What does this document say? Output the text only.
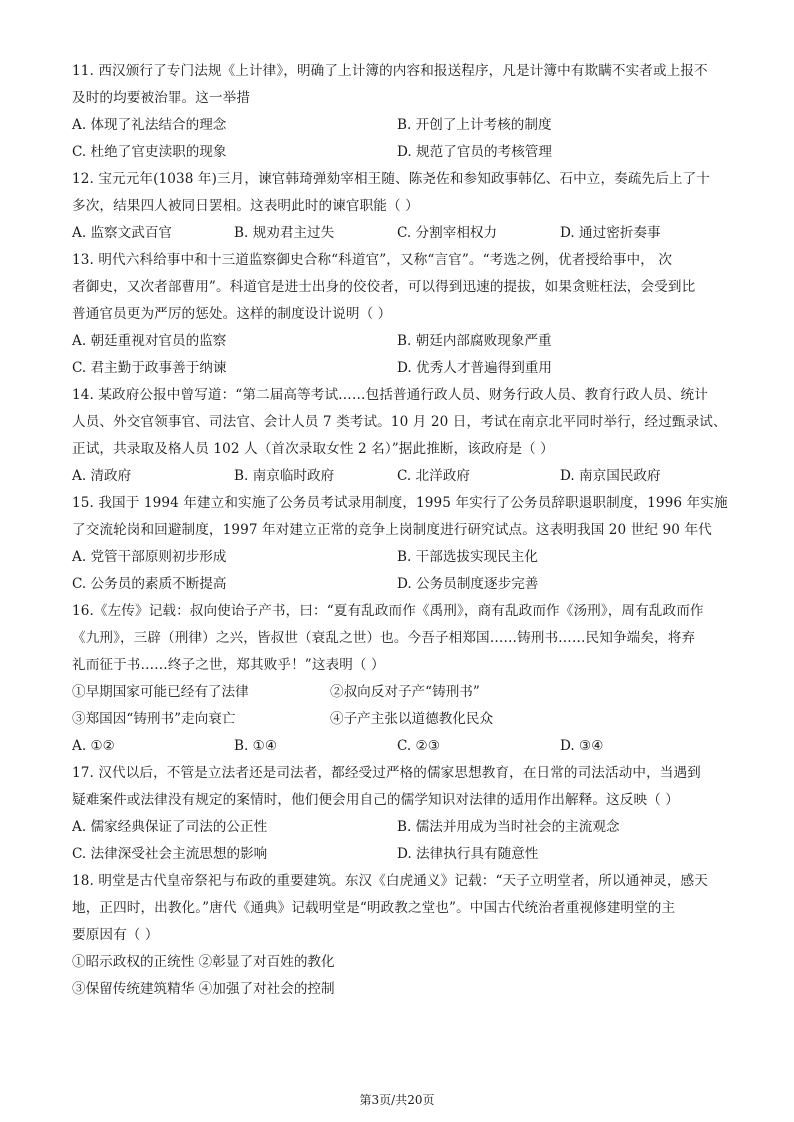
11. 西汉颁行了专门法规《上计律》，明确了上计簿的内容和报送程序，凡是计簿中有欺瞒不实者或上报不
及时的均要被治罪。这一举措
A. 体现了礼法结合的理念	B. 开创了上计考核的制度
C. 杜绝了官吏渎职的现象	D. 规范了官员的考核管理
12. 宝元元年(1038 年)三月，谏官韩琦弹劾宰相王随、陈尧佐和参知政事韩亿、石中立，奏疏先后上了十
多次，结果四人被同日罢相。这表明此时的谏官职能（ ）
A. 监察文武百官	B. 规劝君主过失	C. 分割宰相权力	D. 通过密折奏事
13. 明代六科给事中和十三道监察御史合称“科道官”，又称“言官”。“考选之例，优者授给事中， 次
者御史，又次者部曹用”。科道官是进士出身的佼佼者，可以得到迅速的提拔，如果贪赃枉法，会受到比
普通官员更为严厉的惩处。这样的制度设计说明（ ）
A. 朝廷重视对官员的监察	B. 朝廷内部腐败现象严重
C. 君主勤于政事善于纳谏	D. 优秀人才普遍得到重用
14. 某政府公报中曾写道：“第二届高等考试……包括普通行政人员、财务行政人员、教育行政人员、统计
人员、外交官领事官、司法官、会计人员 7 类考试。10 月 20 日，考试在南京北平同时举行，经过甄录试、
正试，共录取及格人员 102 人（首次录取女性 2 名）”据此推断，该政府是（ ）
A. 清政府	B. 南京临时政府	C. 北洋政府	D. 南京国民政府
15. 我国于 1994 年建立和实施了公务员考试录用制度，1995 年实行了公务员辞职退职制度，1996 年实施
了交流轮岗和回避制度，1997 年对建立正常的竞争上岗制度进行研究试点。这表明我国 20 世纪 90 年代
A. 党管干部原则初步形成	B. 干部选拔实现民主化
C. 公务员的素质不断提高	D. 公务员制度逐步完善
16.《左传》记载：叔向使诒子产书，曰：“夏有乱政而作《禹刑》，商有乱政而作《汤刑》，周有乱政而作
《九刑》，三辟（刑律）之兴，皆叔世（衰乱之世）也。今吾子相郑国……铸刑书……民知争端矣，将弃
礼而征于书……终子之世，郑其败乎！”这表明（ ）
①早期国家可能已经有了法律	②叔向反对子产“铸刑书”
③郑国因“铸刑书”走向衰亡	④子产主张以道德教化民众
A. ①②	B. ①④	C. ②③	D. ③④
17. 汉代以后，不管是立法者还是司法者，都经受过严格的儒家思想教育，在日常的司法活动中，当遇到
疑难案件或法律没有规定的案情时，他们便会用自己的儒学知识对法律的适用作出解释。这反映（ ）
A. 儒家经典保证了司法的公正性	B. 儒法并用成为当时社会的主流观念
C. 法律深受社会主流思想的影响	D. 法律执行具有随意性
18. 明堂是古代皇帝祭祀与布政的重要建筑。东汉《白虎通义》记载：“天子立明堂者，所以通神灵，感天
地，正四时，出教化。”唐代《通典》记载明堂是“明政教之堂也”。中国古代统治者重视修建明堂的主
要原因有（ ）
①昭示政权的正统性 ②彰显了对百姓的教化
③保留传统建筑精华 ④加强了对社会的控制
第3页/共20页
